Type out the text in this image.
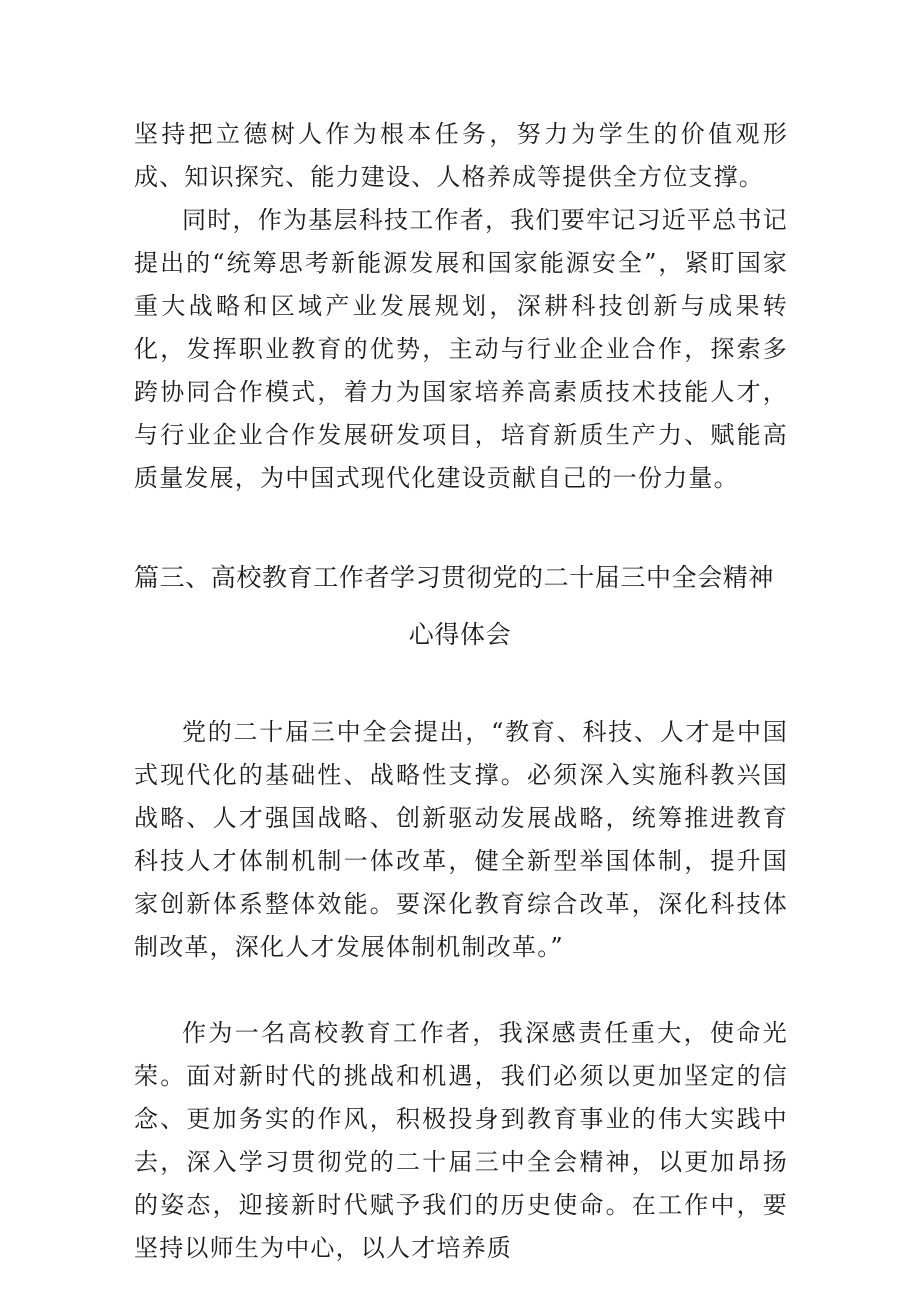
坚持把立德树人作为根本任务，努力为学生的价值观形成、知识探究、能力建设、人格养成等提供全方位支撑。

同时，作为基层科技工作者，我们要牢记习近平总书记提出的“统筹思考新能源发展和国家能源安全”，紧盯国家重大战略和区域产业发展规划，深耕科技创新与成果转化，发挥职业教育的优势，主动与行业企业合作，探索多跨协同合作模式，着力为国家培养高素质技术技能人才，与行业企业合作发展研发项目，培育新质生产力、赋能高质量发展，为中国式现代化建设贡献自己的一份力量。

篇三、高校教育工作者学习贯彻党的二十届三中全会精神
心得体会

党的二十届三中全会提出，“教育、科技、人才是中国式现代化的基础性、战略性支撑。必须深入实施科教兴国战略、人才强国战略、创新驱动发展战略，统筹推进教育科技人才体制机制一体改革，健全新型举国体制，提升国家创新体系整体效能。要深化教育综合改革，深化科技体制改革，深化人才发展体制机制改革。”

作为一名高校教育工作者，我深感责任重大，使命光荣。面对新时代的挑战和机遇，我们必须以更加坚定的信念、更加务实的作风，积极投身到教育事业的伟大实践中去，深入学习贯彻党的二十届三中全会精神，以更加昂扬的姿态，迎接新时代赋予我们的历史使命。在工作中，要坚持以师生为中心，以人才培养质
